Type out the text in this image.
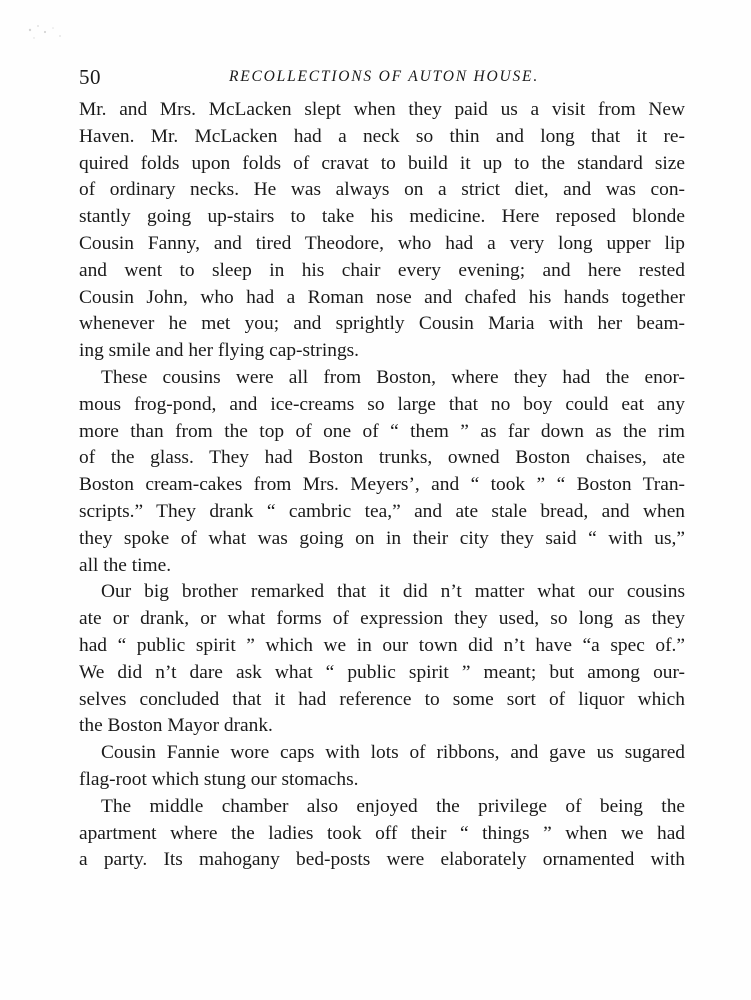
50	RECOLLECTIONS OF AUTON HOUSE.
Mr. and Mrs. McLacken slept when they paid us a visit from New
Haven. Mr. McLacken had a neck so thin and long that it re-
quired folds upon folds of cravat to build it up to the standard size
of ordinary necks. He was always on a strict diet, and was con-
stantly going up-stairs to take his medicine. Here reposed blonde
Cousin Fanny, and tired Theodore, who had a very long upper lip
and went to sleep in his chair every evening; and here rested
Cousin John, who had a Roman nose and chafed his hands together
whenever he met you; and sprightly Cousin Maria with her beam-
ing smile and her flying cap-strings.
These cousins were all from Boston, where they had the enor-
mous frog-pond, and ice-creams so large that no boy could eat any
more than from the top of one of “ them ” as far down as the rim
of the glass. They had Boston trunks, owned Boston chaises, ate
Boston cream-cakes from Mrs. Meyers’, and “ took ” “ Boston Tran-
scripts.” They drank “ cambric tea,” and ate stale bread, and when
they spoke of what was going on in their city they said “ with us,”
all the time.
Our big brother remarked that it did n’t matter what our cousins
ate or drank, or what forms of expression they used, so long as they
had “ public spirit ” which we in our town did n’t have “a spec of.”
We did n’t dare ask what “ public spirit ” meant; but among our-
selves concluded that it had reference to some sort of liquor which
the Boston Mayor drank.
Cousin Fannie wore caps with lots of ribbons, and gave us sugared
flag-root which stung our stomachs.
The middle chamber also enjoyed the privilege of being the
apartment where the ladies took off their “ things ” when we had
a party. Its mahogany bed-posts were elaborately ornamented with
